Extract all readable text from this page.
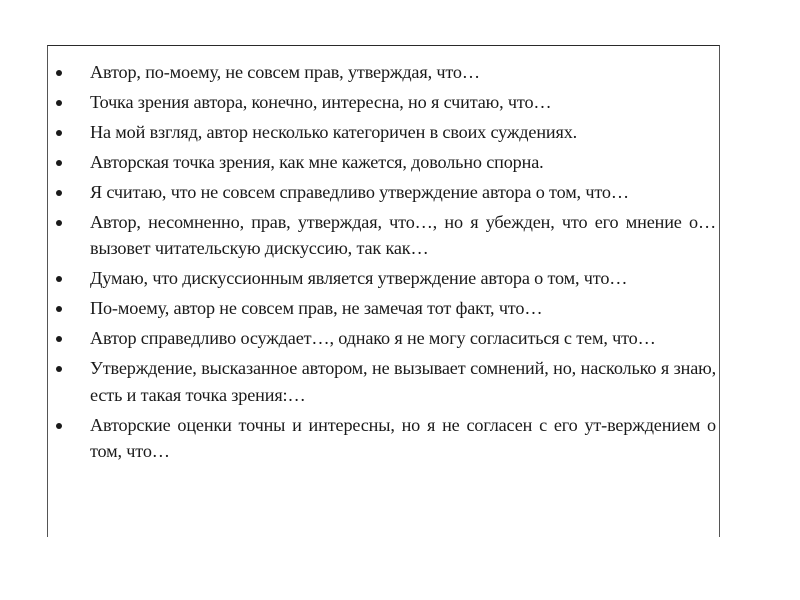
Автор, по-моему, не совсем прав, утверждая, что…
Точка зрения автора, конечно, интересна, но я считаю, что…
На мой взгляд, автор несколько категоричен в своих суждениях.
Авторская точка зрения, как мне кажется, довольно спорна.
Я считаю, что не совсем справедливо утверждение автора о том, что…
Автор, несомненно, прав, утверждая, что…, но я убежден, что его мнение о… вызовет читательскую дискуссию, так как…
Думаю, что дискуссионным является утверждение автора о том, что…
По-моему, автор не совсем прав, не замечая тот факт, что…
Автор справедливо осуждает…, однако я не могу согласиться с тем, что…
Утверждение, высказанное автором, не вызывает сомнений, но, насколько я знаю, есть и такая точка зрения:…
Авторские оценки точны и интересны, но я не согласен с его ут-верждением о том, что…
